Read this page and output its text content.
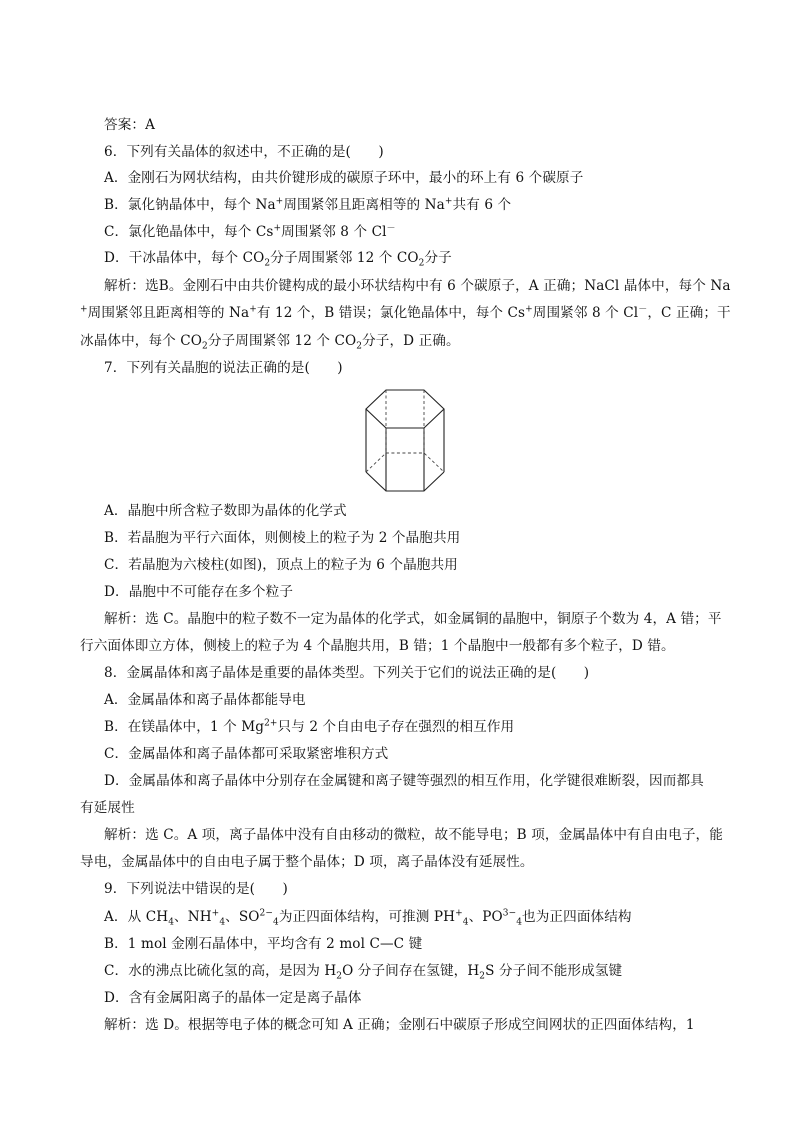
答案：A
6．下列有关晶体的叙述中，不正确的是(　　)
A．金刚石为网状结构，由共价键形成的碳原子环中，最小的环上有 6 个碳原子
B．氯化钠晶体中，每个 Na+周围紧邻且距离相等的 Na+共有 6 个
C．氯化铯晶体中，每个 Cs+周围紧邻 8 个 Cl－
D．干冰晶体中，每个 $CO_2$分子周围紧邻 12 个 $CO_2$分子
解析：选B。金刚石中由共价键构成的最小环状结构中有 6 个碳原子，A 正确；NaCl 晶体中，每个 Na
+周围紧邻且距离相等的 Na+有 12 个，B 错误；氯化铯晶体中，每个 Cs+周围紧邻 8 个 Cl－，C 正确；干
冰晶体中，每个 $CO_2$分子周围紧邻 12 个 $CO_2$分子，D 正确。
7．下列有关晶胞的说法正确的是(　　)
A．晶胞中所含粒子数即为晶体的化学式
B．若晶胞为平行六面体，则侧棱上的粒子为 2 个晶胞共用
C．若晶胞为六棱柱(如图)，顶点上的粒子为 6 个晶胞共用
D．晶胞中不可能存在多个粒子
解析：选 C。晶胞中的粒子数不一定为晶体的化学式，如金属铜的晶胞中，铜原子个数为 4，A 错；平
行六面体即立方体，侧棱上的粒子为 4 个晶胞共用，B 错；1 个晶胞中一般都有多个粒子，D 错。
8．金属晶体和离子晶体是重要的晶体类型。下列关于它们的说法正确的是(　　)
A．金属晶体和离子晶体都能导电
B．在镁晶体中，1 个 $Mg^{2+}$只与 2 个自由电子存在强烈的相互作用
C．金属晶体和离子晶体都可采取紧密堆积方式
D．金属晶体和离子晶体中分别存在金属键和离子键等强烈的相互作用，化学键很难断裂，因而都具
有延展性
解析：选 C。A 项，离子晶体中没有自由移动的微粒，故不能导电；B 项，金属晶体中有自由电子，能
导电，金属晶体中的自由电子属于整个晶体；D 项，离子晶体没有延展性。
9．下列说法中错误的是(　　)
A．从 $CH_4$、$NH^+_4$、$SO^{2-}_4$为正四面体结构，可推测 $PH^+_4$、$PO^{3-}_4$也为正四面体结构
B．1 mol 金刚石晶体中，平均含有 2 mol C—C 键
C．水的沸点比硫化氢的高，是因为 $H_2O$ 分子间存在氢键，$H_2S$ 分子间不能形成氢键
D．含有金属阳离子的晶体一定是离子晶体
解析：选 D。根据等电子体的概念可知 A 正确；金刚石中碳原子形成空间网状的正四面体结构，1
